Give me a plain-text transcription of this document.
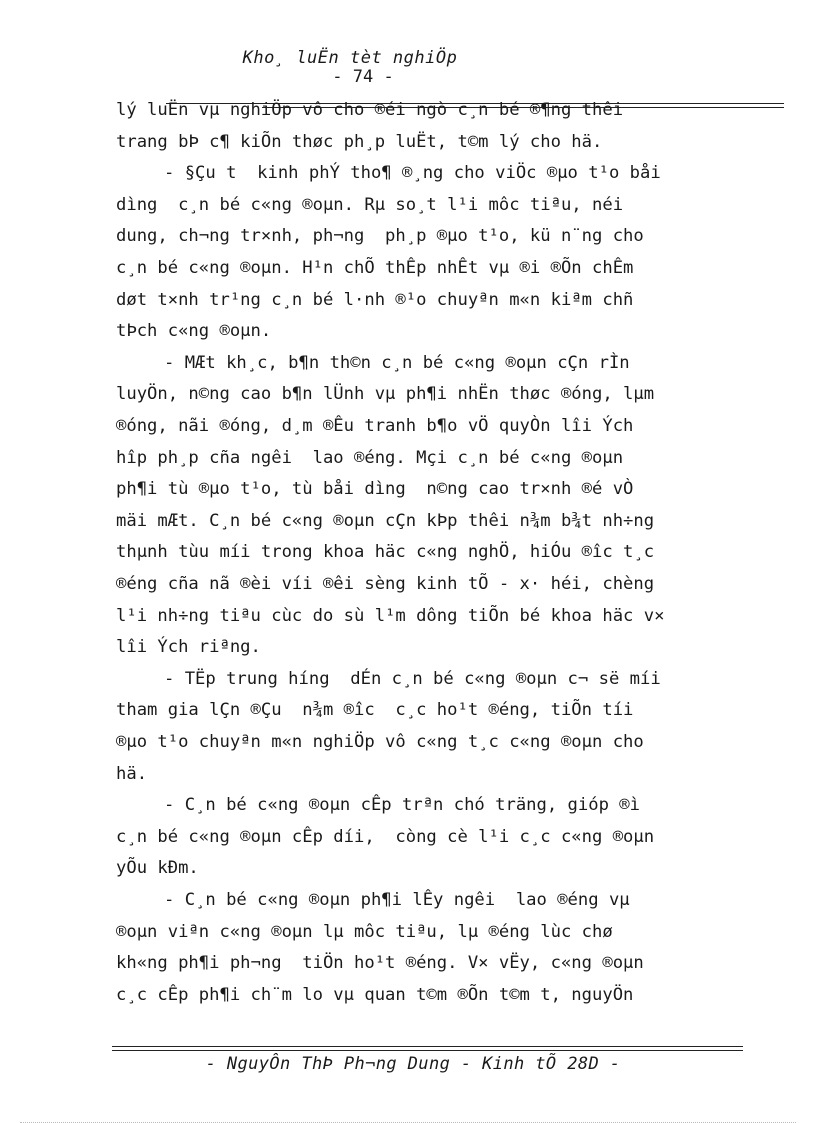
Kho¸ luËn tèt nghiÖp
- 74 -
lý luËn vµ nghiÖp vô cho ®éi ngò c¸n bé ®¶ng thêi
trang bÞ c¶ kiÕn thøc ph¸p luËt, t©m lý cho hä.
- §Çu t  kinh phÝ tho¶ ®¸ng cho viÖc ®µo t¹o båi
dìng  c¸n bé c«ng ®oµn. Rµ so¸t l¹i môc tiªu, néi
dung, ch¬ng tr×nh, ph¬ng  ph¸p ®µo t¹o, kü n¨ng cho
c¸n bé c«ng ®oµn. H¹n chÕ thÊp nhÊt vµ ®i ®Õn chÊm
døt t×nh tr¹ng c¸n bé l·nh ®¹o chuyªn m«n kiªm chñ
tÞch c«ng ®oµn.
- MÆt kh¸c, b¶n th©n c¸n bé c«ng ®oµn cÇn rÌn
luyÖn, n©ng cao b¶n lÜnh vµ ph¶i nhËn thøc ®óng, lµm
®óng, nãi ®óng, d¸m ®Êu tranh b¶o vÖ quyÒn lîi Ých
hîp ph¸p cña ngêi  lao ®éng. Mçi c¸n bé c«ng ®oµn
ph¶i tù ®µo t¹o, tù båi dìng  n©ng cao tr×nh ®é vÒ
mäi mÆt. C¸n bé c«ng ®oµn cÇn kÞp thêi n¾m b¾t nh÷ng
thµnh tùu míi trong khoa häc c«ng nghÖ, hiÓu ®îc t¸c
®éng cña nã ®èi víi ®êi sèng kinh tÕ - x· héi, chèng
l¹i nh÷ng tiªu cùc do sù l¹m dông tiÕn bé khoa häc v×
lîi Ých riªng.
- TËp trung híng  dÉn c¸n bé c«ng ®oµn c¬ së míi
tham gia lÇn ®Çu  n¾m ®îc  c¸c ho¹t ®éng, tiÕn tíi
®µo t¹o chuyªn m«n nghiÖp vô c«ng t¸c c«ng ®oµn cho
hä.
- C¸n bé c«ng ®oµn cÊp trªn chó träng, gióp ®ì
c¸n bé c«ng ®oµn cÊp díi,  còng cè l¹i c¸c c«ng ®oµn
yÕu kÐm.
- C¸n bé c«ng ®oµn ph¶i lÊy ngêi  lao ®éng vµ
®oµn viªn c«ng ®oµn lµ môc tiªu, lµ ®éng lùc chø
kh«ng ph¶i ph¬ng  tiÖn ho¹t ®éng. V× vËy, c«ng ®oµn
c¸c cÊp ph¶i ch¨m lo vµ quan t©m ®Õn t©m t, nguyÖn
- NguyÔn ThÞ Ph¬ng Dung - Kinh tÕ 28D -
